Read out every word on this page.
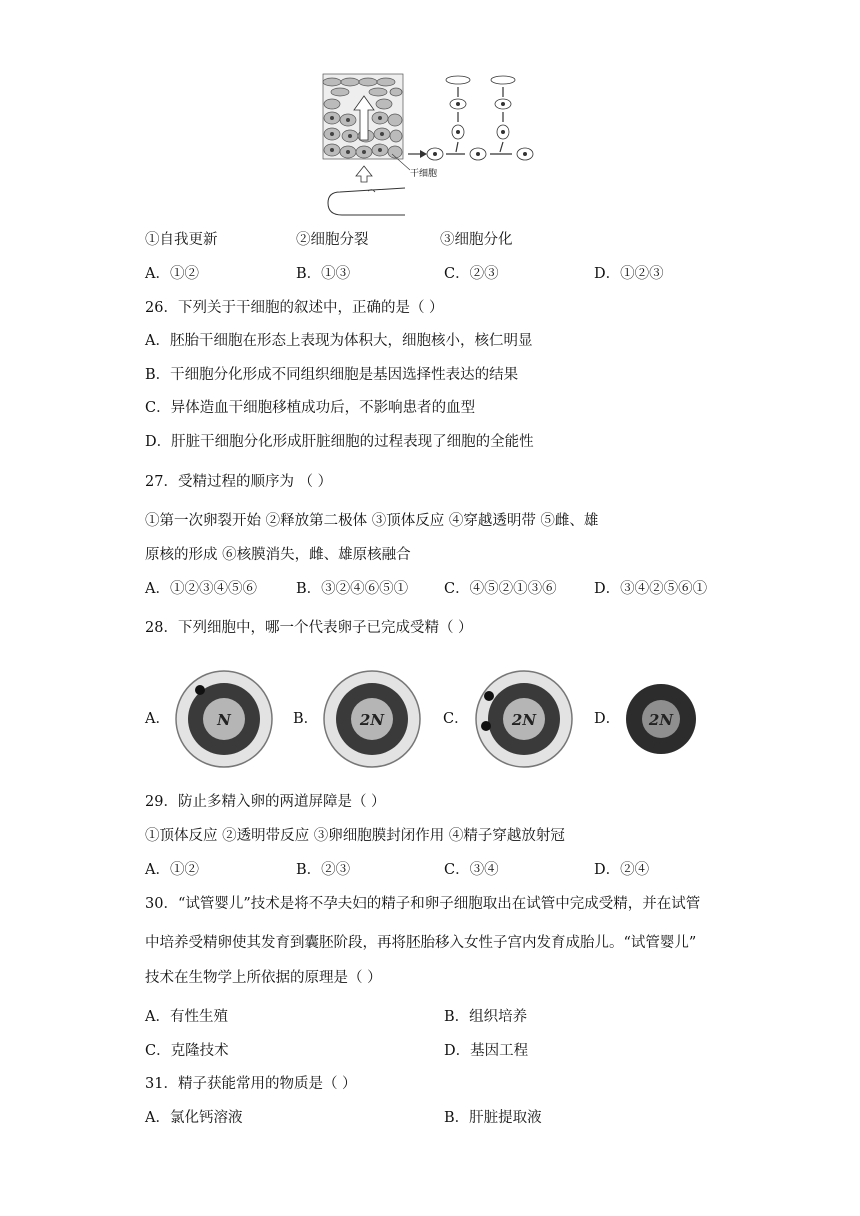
干细胞
①自我更新	②细胞分裂	③细胞分化
A．①②	B．①③	C．②③	D．①②③
26．下列关于干细胞的叙述中，正确的是（ ）
A．胚胎干细胞在形态上表现为体积大，细胞核小，核仁明显
B．干细胞分化形成不同组织细胞是基因选择性表达的结果
C．异体造血干细胞移植成功后，不影响患者的血型
D．肝脏干细胞分化形成肝脏细胞的过程表现了细胞的全能性
27．受精过程的顺序为 （ ）
①第一次卵裂开始 ②释放第二极体 ③顶体反应 ④穿越透明带 ⑤雌、雄
原核的形成 ⑥核膜消失，雌、雄原核融合
A．①②③④⑤⑥	B．③②④⑥⑤① C．④⑤②①③⑥	D．③④②⑤⑥①
28．下列细胞中，哪一个代表卵子已完成受精（ ）
A．	B．	C．	D．
N	2N	2N	2N
29．防止多精入卵的两道屏障是（ ）
①顶体反应 ②透明带反应 ③卵细胞膜封闭作用 ④精子穿越放射冠
A．①②	B．②③	C．③④	D．②④
30．“试管婴儿”技术是将不孕夫妇的精子和卵子细胞取出在试管中完成受精，并在试管
中培养受精卵使其发育到囊胚阶段，再将胚胎移入女性子宫内发育成胎儿。“试管婴儿”
技术在生物学上所依据的原理是（ ）
A．有性生殖	B．组织培养
C．克隆技术	D．基因工程
31．精子获能常用的物质是（ ）
A．氯化钙溶液	B．肝脏提取液
